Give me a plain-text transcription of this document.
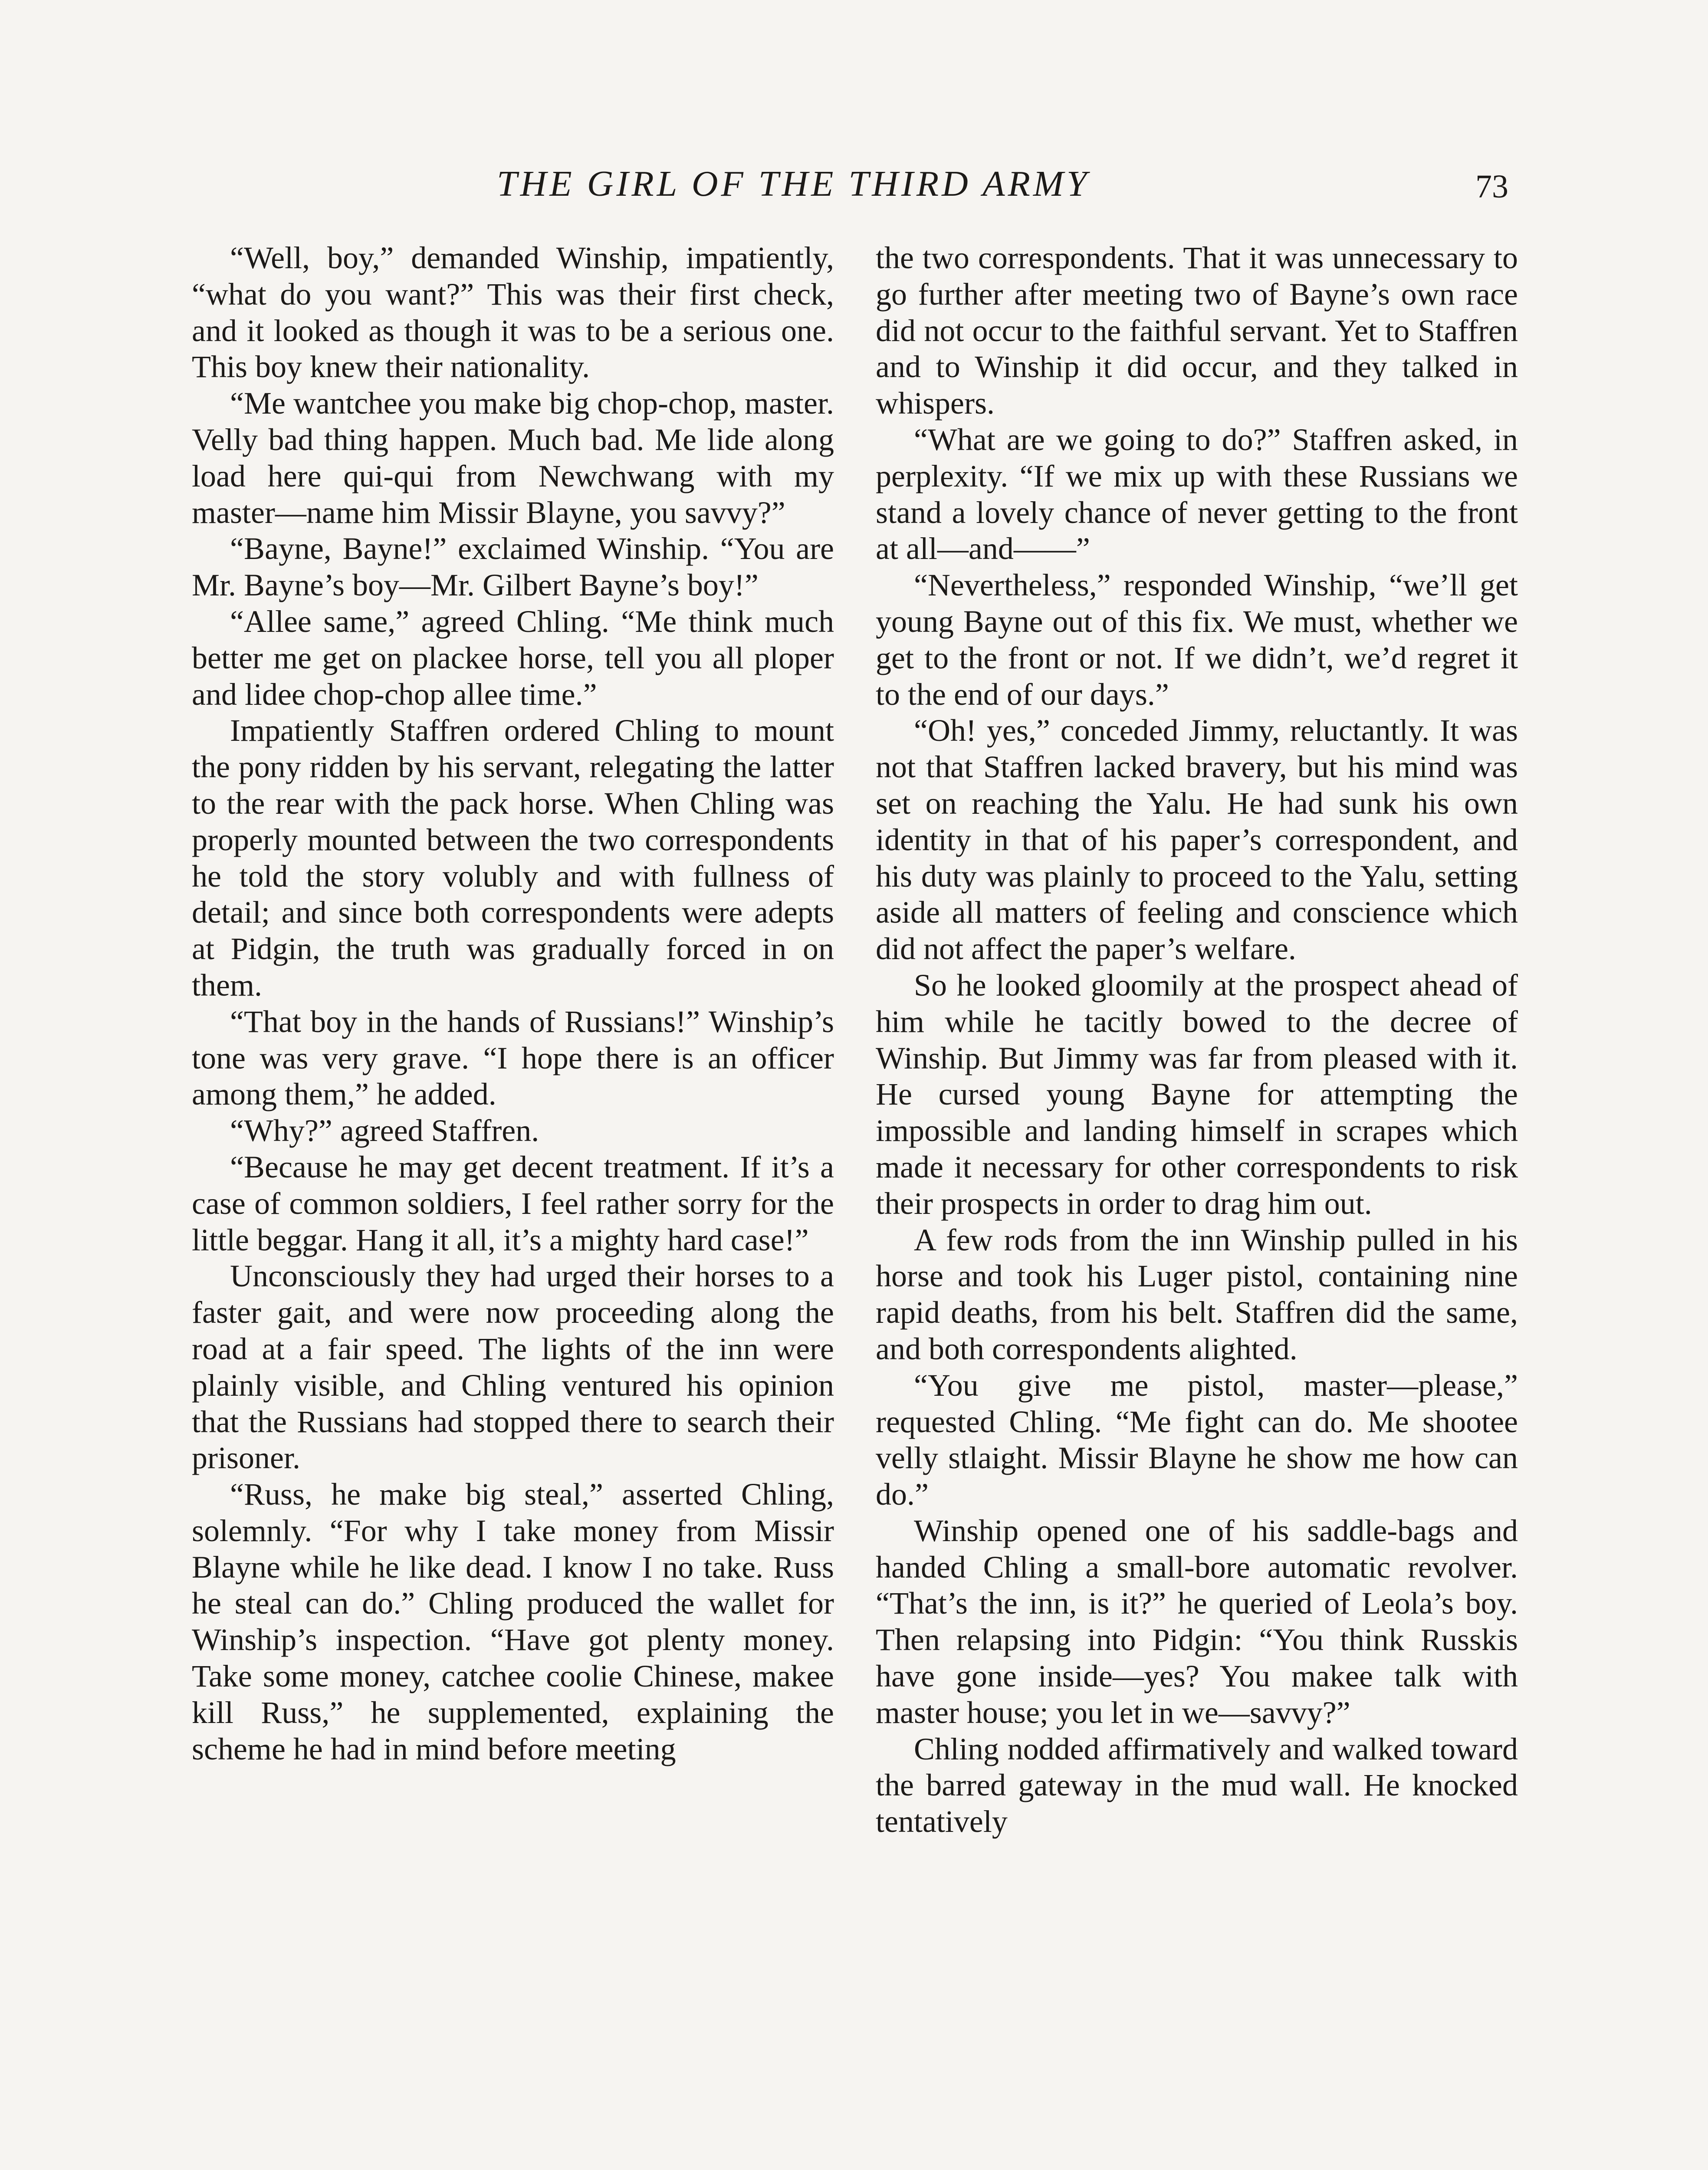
THE GIRL OF THE THIRD ARMY	73

“Well, boy,” demanded Winship, impatiently, “what do you want?” This was their first check, and it looked as though it was to be a serious one. This boy knew their nationality.

“Me wantchee you make big chop-chop, master. Velly bad thing happen. Much bad. Me lide along load here qui-qui from Newchwang with my master—name him Missir Blayne, you savvy?”

“Bayne, Bayne!” exclaimed Winship. “You are Mr. Bayne’s boy—Mr. Gilbert Bayne’s boy!”

“Allee same,” agreed Chling. “Me think much better me get on plackee horse, tell you all ploper and lidee chop-chop allee time.”

Impatiently Staffren ordered Chling to mount the pony ridden by his servant, relegating the latter to the rear with the pack horse. When Chling was properly mounted between the two correspondents he told the story volubly and with fullness of detail; and since both correspondents were adepts at Pidgin, the truth was gradually forced in on them.

“That boy in the hands of Russians!” Winship’s tone was very grave. “I hope there is an officer among them,” he added.

“Why?” agreed Staffren.

“Because he may get decent treatment. If it’s a case of common soldiers, I feel rather sorry for the little beggar. Hang it all, it’s a mighty hard case!”

Unconsciously they had urged their horses to a faster gait, and were now proceeding along the road at a fair speed. The lights of the inn were plainly visible, and Chling ventured his opinion that the Russians had stopped there to search their prisoner.

“Russ, he make big steal,” asserted Chling, solemnly. “For why I take money from Missir Blayne while he like dead. I know I no take. Russ he steal can do.” Chling produced the wallet for Winship’s inspection. “Have got plenty money. Take some money, catchee coolie Chinese, makee kill Russ,” he supplemented, explaining the scheme he had in mind before meeting

the two correspondents. That it was unnecessary to go further after meeting two of Bayne’s own race did not occur to the faithful servant. Yet to Staffren and to Winship it did occur, and they talked in whispers.

“What are we going to do?” Staffren asked, in perplexity. “If we mix up with these Russians we stand a lovely chance of never getting to the front at all—and——”

“Nevertheless,” responded Winship, “we’ll get young Bayne out of this fix. We must, whether we get to the front or not. If we didn’t, we’d regret it to the end of our days.”

“Oh! yes,” conceded Jimmy, reluctantly. It was not that Staffren lacked bravery, but his mind was set on reaching the Yalu. He had sunk his own identity in that of his paper’s correspondent, and his duty was plainly to proceed to the Yalu, setting aside all matters of feeling and conscience which did not affect the paper’s welfare.

So he looked gloomily at the prospect ahead of him while he tacitly bowed to the decree of Winship. But Jimmy was far from pleased with it. He cursed young Bayne for attempting the impossible and landing himself in scrapes which made it necessary for other correspondents to risk their prospects in order to drag him out.

A few rods from the inn Winship pulled in his horse and took his Luger pistol, containing nine rapid deaths, from his belt. Staffren did the same, and both correspondents alighted.

“You give me pistol, master—please,” requested Chling. “Me fight can do. Me shootee velly stlaight. Missir Blayne he show me how can do.”

Winship opened one of his saddle-bags and handed Chling a small-bore automatic revolver. “That’s the inn, is it?” he queried of Leola’s boy. Then relapsing into Pidgin: “You think Russkis have gone inside—yes? You makee talk with master house; you let in we—savvy?”

Chling nodded affirmatively and walked toward the barred gateway in the mud wall. He knocked tentatively
